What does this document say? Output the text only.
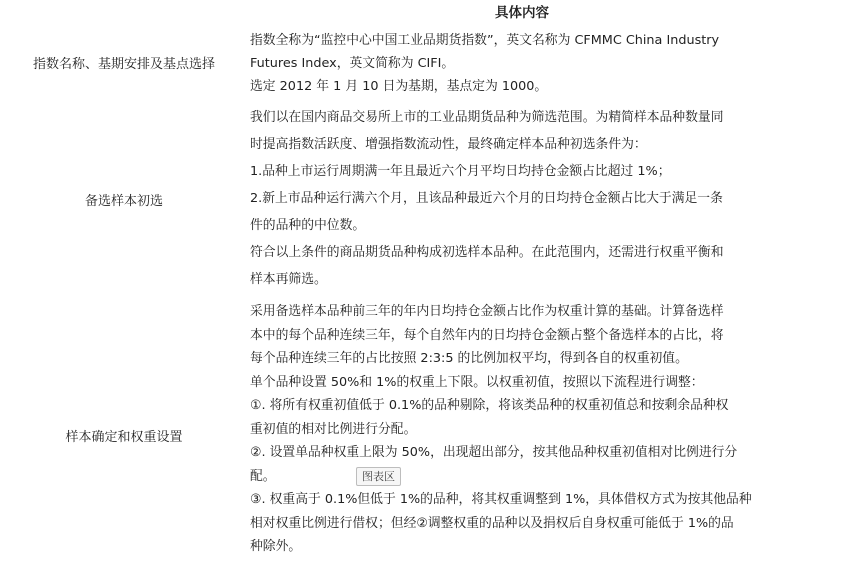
具体内容
指数名称、基期安排及基点选择

指数全称为“监控中心中国工业品期货指数”，英文名称为 CFMMC China Industry

Futures Index，英文简称为 CIFI。

选定 2012 年 1 月 10 日为基期，基点定为 1000。

备选样本初选

我们以在国内商品交易所上市的工业品期货品种为筛选范围。为精简样本品种数量同

时提高指数活跃度、增强指数流动性，最终确定样本品种初选条件为：

1.品种上市运行周期满一年且最近六个月平均日均持仓金额占比超过 1%；

2.新上市品种运行满六个月，且该品种最近六个月的日均持仓金额占比大于满足一条

件的品种的中位数。

符合以上条件的商品期货品种构成初选样本品种。在此范围内，还需进行权重平衡和

样本再筛选。

样本确定和权重设置

采用备选样本品种前三年的年内日均持仓金额占比作为权重计算的基础。计算备选样

本中的每个品种连续三年，每个自然年内的日均持仓金额占整个备选样本的占比，将

每个品种连续三年的占比按照 2:3:5 的比例加权平均，得到各自的权重初值。

单个品种设置 50%和 1%的权重上下限。以权重初值，按照以下流程进行调整：

①. 将所有权重初值低于 0.1%的品种剔除，将该类品种的权重初值总和按剩余品种权

重初值的相对比例进行分配。

②. 设置单品种权重上限为 50%，出现超出部分，按其他品种权重初值相对比例进行分

配。

③. 权重高于 0.1%但低于 1%的品种，将其权重调整到 1%，具体借权方式为按其他品种

相对权重比例进行借权；但经②调整权重的品种以及捐权后自身权重可能低于 1%的品

种除外。

图表区
